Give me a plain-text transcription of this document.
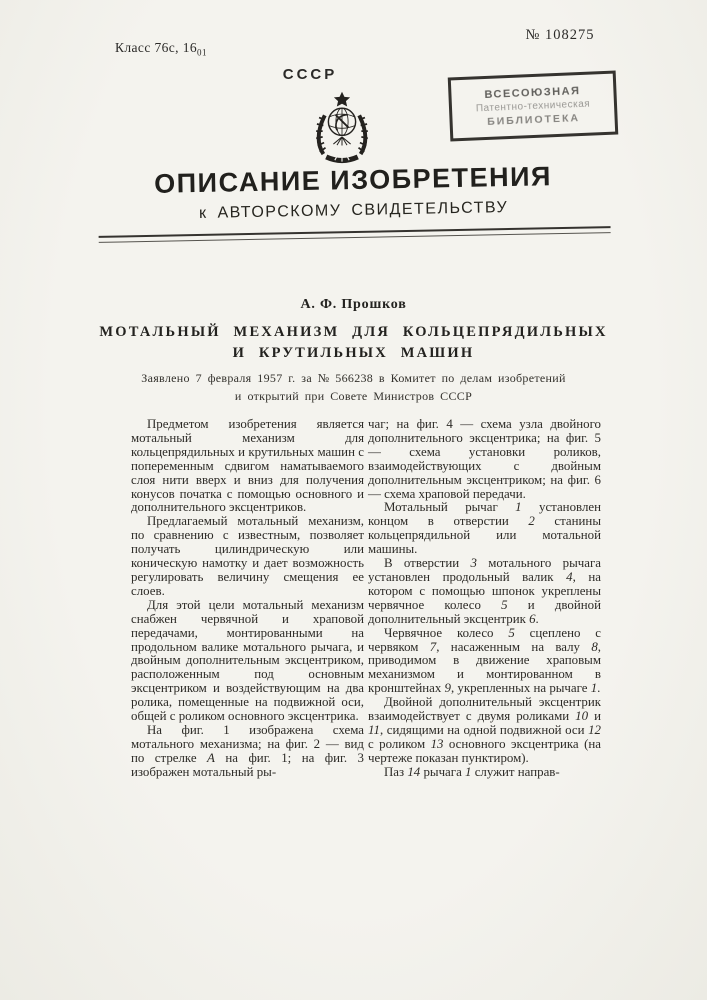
Класс 76с, $16_{01}$
№ 108275
СССР
ВСЕСОЮЗНАЯ
Патентно-техническая
БИБЛИОТЕКА
ОПИСАНИЕ ИЗОБРЕТЕНИЯ
к АВТОРСКОМУ СВИДЕТЕЛЬСТВУ
А. Ф. Прошков
МОТАЛЬНЫЙ МЕХАНИЗМ ДЛЯ КОЛЬЦЕПРЯДИЛЬНЫХ
И КРУТИЛЬНЫХ МАШИН
Заявлено 7 февраля 1957 г. за № 566238 в Комитет по делам изобретений
и открытий при Совете Министров СССР

Предметом изобретения является мотальный механизм для кольцепрядильных и крутильных машин с попеременным сдвигом наматываемого слоя нити вверх и вниз для получения конусов початка с помощью основного и дополнительного эксцентриков.

Предлагаемый мотальный механизм, по сравнению с известным, позволяет получать цилиндрическую или коническую намотку и дает возможность регулировать величину смещения ее слоев.

Для этой цели мотальный механизм снабжен червячной и храповой передачами, монтированными на продольном валике мотального рычага, и двойным дополнительным эксцентриком, расположенным под основным эксцентриком и воздействующим на два ролика, помещенные на подвижной оси, общей с роликом основного эксцентрика.

На фиг. 1 изображена схема мотального механизма; на фиг. 2 — вид по стрелке А на фиг. 1; на фиг. 3 изображен мотальный ры-

чаг; на фиг. 4 — схема узла двойного дополнительного эксцентрика; на фиг. 5 — схема установки роликов, взаимодействующих с двойным дополнительным эксцентриком; на фиг. 6 — схема храповой передачи.

Мотальный рычаг 1 установлен концом в отверстии 2 станины кольцепрядильной или мотальной машины.

В отверстии 3 мотального рычага установлен продольный валик 4, на котором с помощью шпонок укреплены червячное колесо 5 и двойной дополнительный эксцентрик 6.

Червячное колесо 5 сцеплено с червяком 7, насаженным на валу 8, приводимом в движение храповым механизмом и монтированном в кронштейнах 9, укрепленных на рычаге 1.

Двойной дополнительный эксцентрик взаимодействует с двумя роликами 10 и 11, сидящими на одной подвижной оси 12 с роликом 13 основного эксцентрика (на чертеже показан пунктиром).

Паз 14 рычага 1 служит направ-
